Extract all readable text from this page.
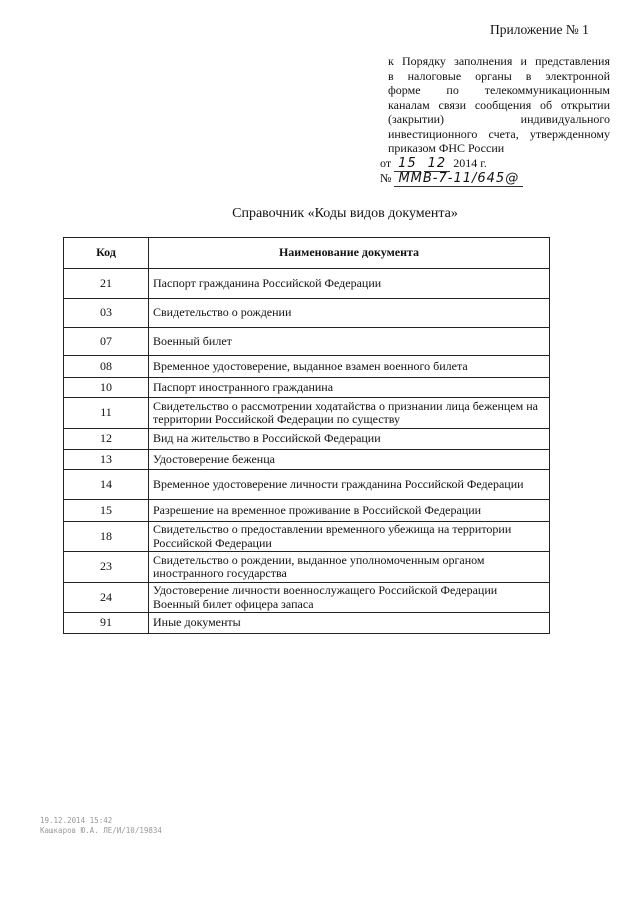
Приложение № 1
к Порядку заполнения и представления
в налоговые органы в электронной
форме по телекоммуникационным
каналам связи сообщения об открытии
(закрытии) индивидуального
инвестиционного счета, утвержденному
приказом ФНС России
от 15 12 2014 г.
№ ММВ-7-11/645@
Справочник «Коды видов документа»
Код	Наименование документа
21	Паспорт гражданина Российской Федерации
03	Свидетельство о рождении
07	Военный билет
08	Временное удостоверение, выданное взамен военного билета
10	Паспорт иностранного гражданина
11	Свидетельство о рассмотрении ходатайства о признании лица беженцем на территории Российской Федерации по существу
12	Вид на жительство в Российской Федерации
13	Удостоверение беженца
14	Временное удостоверение личности гражданина Российской Федерации
15	Разрешение на временное проживание в Российской Федерации
18	Свидетельство о предоставлении временного убежища на территории Российской Федерации
23	Свидетельство о рождении, выданное уполномоченным органом иностранного государства
24	Удостоверение личности военнослужащего Российской Федерации Военный билет офицера запаса
91	Иные документы
19.12.2014 15:42
Кашкаров Ю.А. ЛЕ/И/10/19834
